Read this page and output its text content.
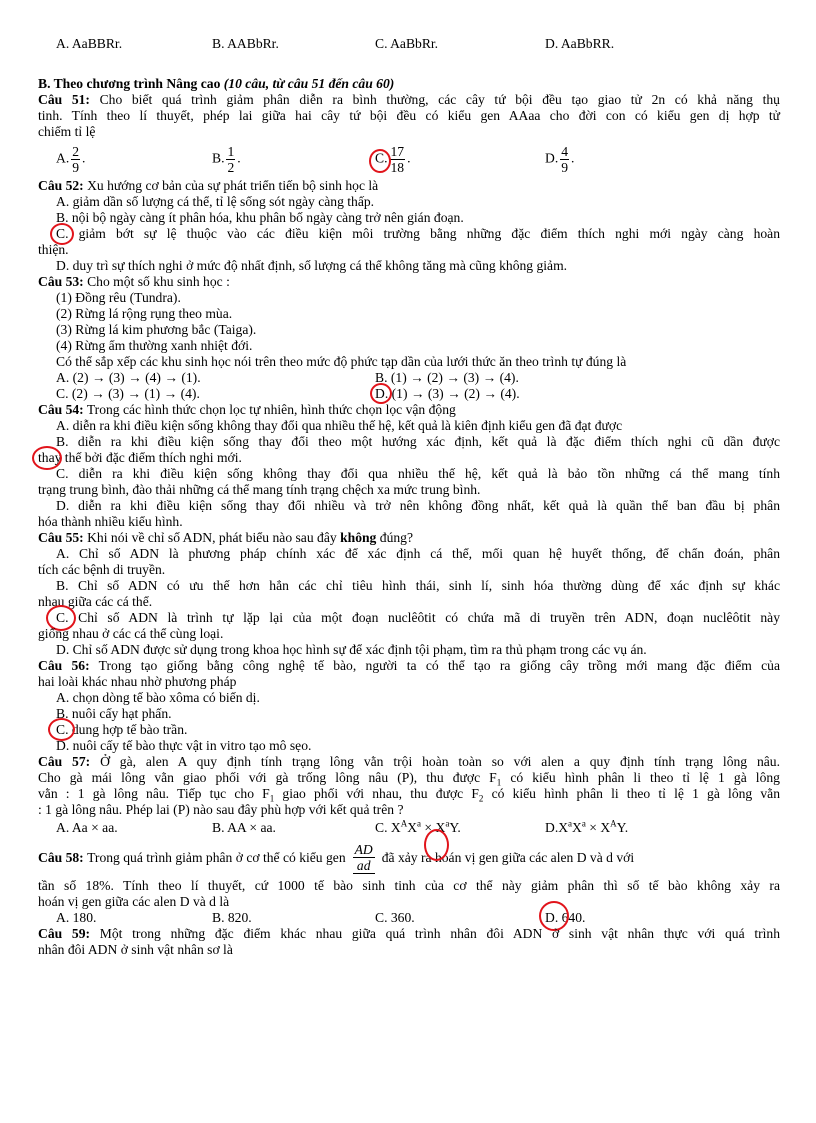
A. AaBBRr.	B. AABbRr.	C. AaBbRr.	D. AaBbRR.
B. Theo chương trình Nâng cao (10 câu, từ câu 51 đến câu 60)
Câu 51: Cho biết quá trình giảm phân diễn ra bình thường, các cây tứ bội đều tạo giao tử 2n có khả năng thụ
tinh. Tính theo lí thuyết, phép lai giữa hai cây tứ bội đều có kiểu gen AAaa cho đời con có kiểu gen dị hợp tử
chiếm tỉ lệ
A. $\frac{2}{9}$ .	B. $\frac{1}{2}$ .	C. $\frac{17}{18}$ .	D. $\frac{4}{9}$ .
Câu 52: Xu hướng cơ bản của sự phát triển tiến bộ sinh học là
A. giảm dần số lượng cá thể, tỉ lệ sống sót ngày càng thấp.
B. nội bộ ngày càng ít phân hóa, khu phân bố ngày càng trở nên gián đoạn.
C. giảm bớt sự lệ thuộc vào các điều kiện môi trường bằng những đặc điểm thích nghi mới ngày càng hoàn
thiện.
D. duy trì sự thích nghi ở mức độ nhất định, số lượng cá thể không tăng mà cũng không giảm.
Câu 53: Cho một số khu sinh học :
(1) Đồng rêu (Tundra).
(2) Rừng lá rộng rụng theo mùa.
(3) Rừng lá kim phương bắc (Taiga).
(4) Rừng ẩm thường xanh nhiệt đới.
Có thể sắp xếp các khu sinh học nói trên theo mức độ phức tạp dần của lưới thức ăn theo trình tự đúng là
A. (2) → (3) → (4) → (1).	B. (1) → (2) → (3) → (4).
C. (2) → (3) → (1) → (4).	D. (1) → (3) → (2) → (4).
Câu 54: Trong các hình thức chọn lọc tự nhiên, hình thức chọn lọc vận động
A. diễn ra khi điều kiện sống không thay đổi qua nhiều thế hệ, kết quả là kiên định kiểu gen đã đạt được
B. diễn ra khi điều kiện sống thay đổi theo một hướng xác định, kết quả là đặc điểm thích nghi cũ dần được
thay thế bởi đặc điểm thích nghi mới.
C. diễn ra khi điều kiện sống không thay đổi qua nhiều thế hệ, kết quả là bảo tồn những cá thể mang tính
trạng trung bình, đào thải những cá thể mang tính trạng chệch xa mức trung bình.
D. diễn ra khi điều kiện sống thay đổi nhiều và trở nên không đồng nhất, kết quả là quần thể ban đầu bị phân
hóa thành nhiều kiểu hình.
Câu 55: Khi nói về chỉ số ADN, phát biểu nào sau đây không đúng?
A. Chỉ số ADN là phương pháp chính xác để xác định cá thể, mối quan hệ huyết thống, để chẩn đoán, phân
tích các bệnh di truyền.
B. Chỉ số ADN có ưu thế hơn hẳn các chỉ tiêu hình thái, sinh lí, sinh hóa thường dùng để xác định sự khác
nhau giữa các cá thể.
C. Chỉ số ADN là trình tự lặp lại của một đoạn nuclêôtit có chứa mã di truyền trên ADN, đoạn nuclêôtit này
giống nhau ở các cá thể cùng loại.
D. Chỉ số ADN được sử dụng trong khoa học hình sự để xác định tội phạm, tìm ra thủ phạm trong các vụ án.
Câu 56: Trong tạo giống bằng công nghệ tế bào, người ta có thể tạo ra giống cây trồng mới mang đặc điểm của
hai loài khác nhau nhờ phương pháp
A. chọn dòng tế bào xôma có biến dị.
B. nuôi cấy hạt phấn.
C. dung hợp tế bào trần.
D. nuôi cấy tế bào thực vật in vitro tạo mô sẹo.
Câu 57: Ở gà, alen A quy định tính trạng lông vằn trội hoàn toàn so với alen a quy định tính trạng lông nâu.
Cho gà mái lông vằn giao phối với gà trống lông nâu (P), thu được $F_1$ có kiểu hình phân li theo tỉ lệ 1 gà lông
vằn : 1 gà lông nâu. Tiếp tục cho $F_1$ giao phối với nhau, thu được $F_2$ có kiểu hình phân li theo tỉ lệ 1 gà lông vằn
: 1 gà lông nâu. Phép lai (P) nào sau đây phù hợp với kết quả trên ?
A. Aa × aa.	B. AA × aa.	C. $X^AX^a \times X^aY$.	$D.X^aX^a \times X^AY$.
Câu 58:
Trong quá trình giảm phân ở cơ thể có kiểu gen $\frac{AD}{ad}$ đã xảy ra hoán vị gen giữa các alen D và d với
tần số 18%. Tính theo lí thuyết, cứ 1000 tế bào sinh tinh của cơ thể này giảm phân thì số tế bào không xảy ra
hoán vị gen giữa các alen D và d là
A. 180.	B. 820.	C. 360.	D. 640.
Câu 59: Một trong những đặc điểm khác nhau giữa quá trình nhân đôi ADN ở sinh vật nhân thực với quá trình
nhân đôi ADN ở sinh vật nhân sơ là
